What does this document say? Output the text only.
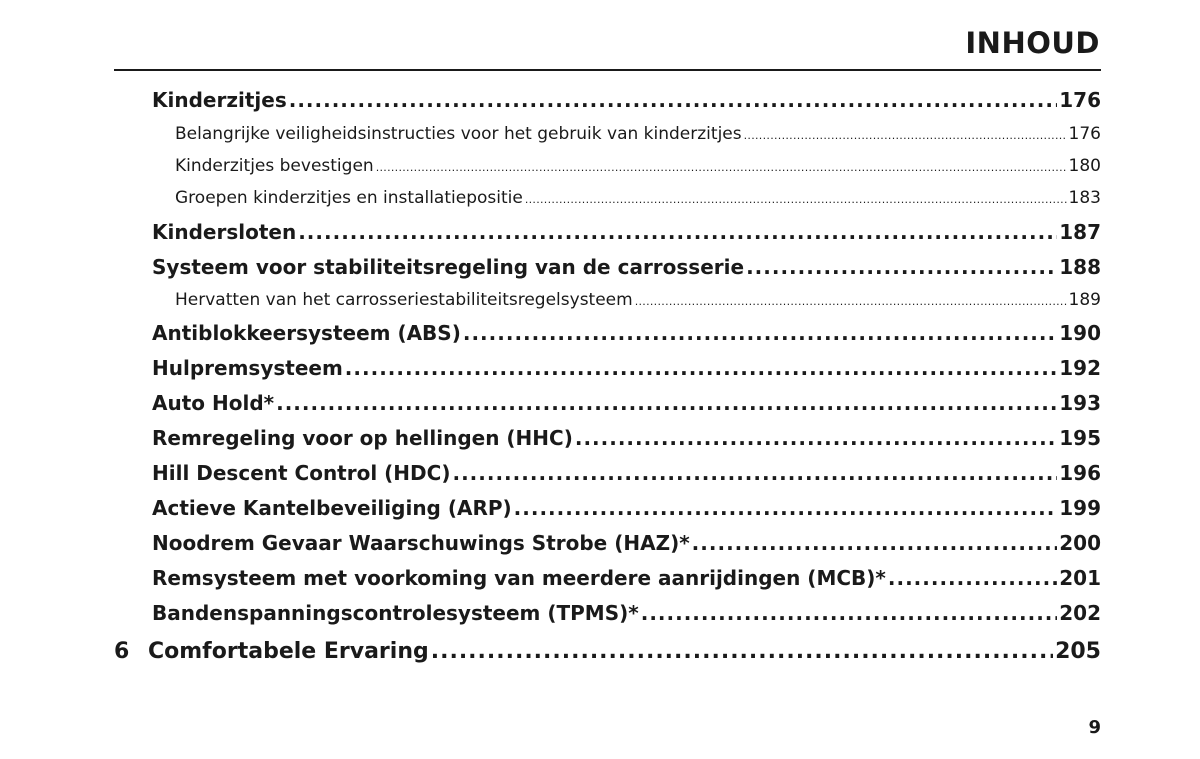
INHOUD
Kinderzitjes .....	176
Belangrijke veiligheidsinstructies voor het gebruik van kinderzitjes .....	176
Kinderzitjes bevestigen .....	180
Groepen kinderzitjes en installatiepositie .....	183
Kindersloten .....	187
Systeem voor stabiliteitsregeling van de carrosserie .....	188
Hervatten van het carrosseriestabiliteitsregelsysteem .....	189
Antiblokkeersysteem (ABS) .....	190
Hulpremsysteem .....	192
Auto Hold* .....	193
Remregeling voor op hellingen (HHC) .....	195
Hill Descent Control (HDC) .....	196
Actieve Kantelbeveiliging (ARP) .....	199
Noodrem Gevaar Waarschuwings Strobe (HAZ)* .....	200
Remsysteem met voorkoming van meerdere aanrijdingen (MCB)* .....	201
Bandenspanningscontrolesysteem (TPMS)* .....	202
6 Comfortabele Ervaring .....	205
9
